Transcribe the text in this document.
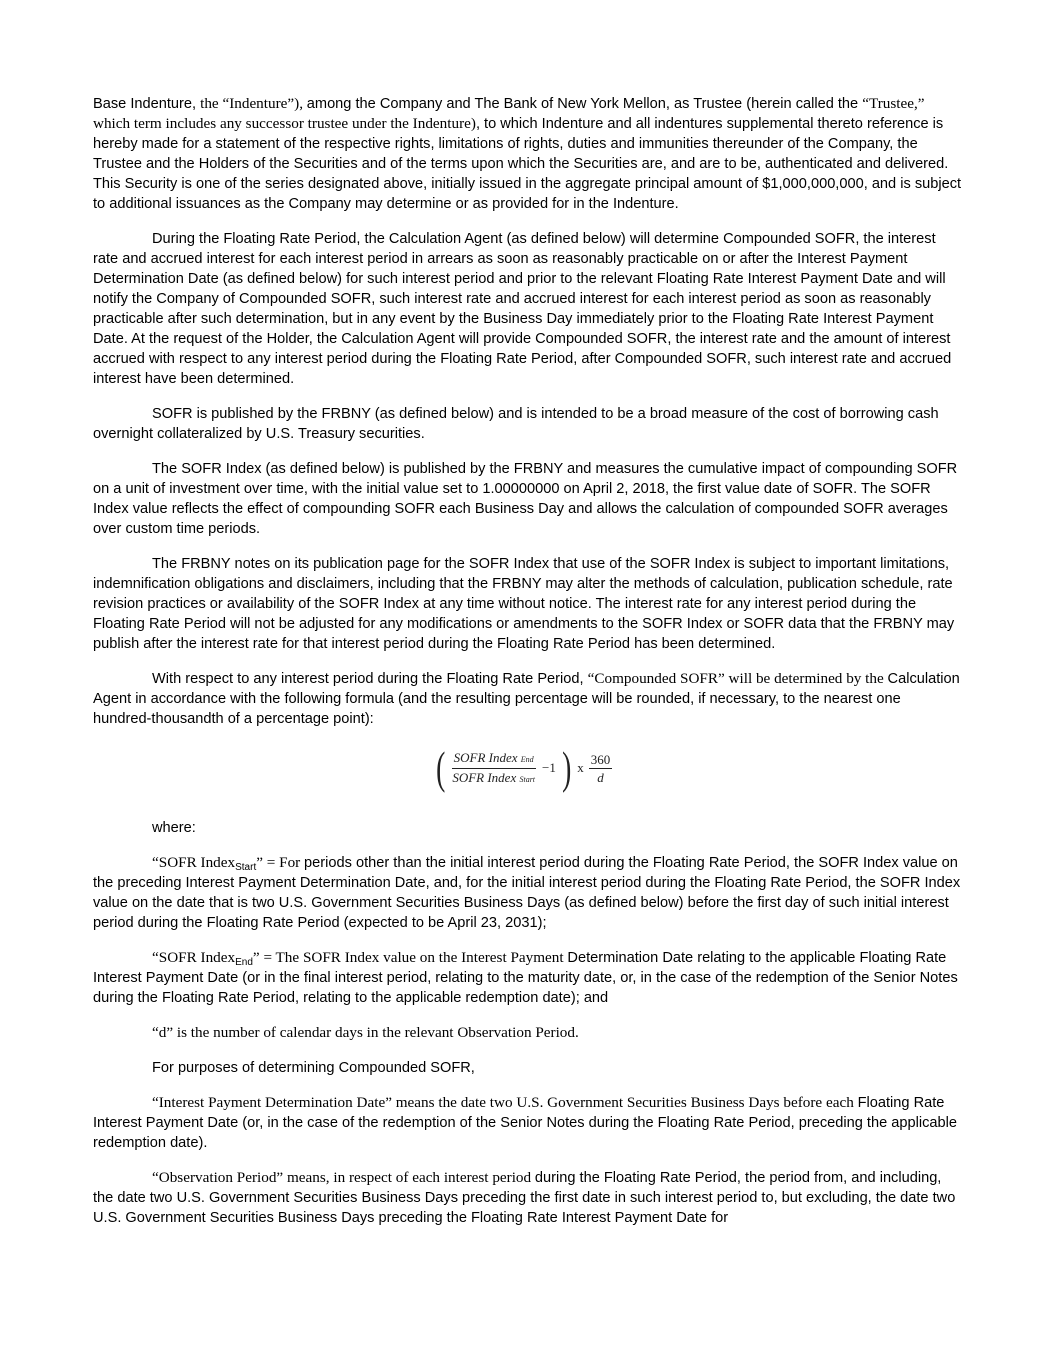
Base Indenture, the “Indenture”), among the Company and The Bank of New York Mellon, as Trustee (herein called the “Trustee,” which term includes any successor trustee under the Indenture), to which Indenture and all indentures supplemental thereto reference is hereby made for a statement of the respective rights, limitations of rights, duties and immunities thereunder of the Company, the Trustee and the Holders of the Securities and of the terms upon which the Securities are, and are to be, authenticated and delivered. This Security is one of the series designated above, initially issued in the aggregate principal amount of $1,000,000,000, and is subject to additional issuances as the Company may determine or as provided for in the Indenture.

During the Floating Rate Period, the Calculation Agent (as defined below) will determine Compounded SOFR, the interest rate and accrued interest for each interest period in arrears as soon as reasonably practicable on or after the Interest Payment Determination Date (as defined below) for such interest period and prior to the relevant Floating Rate Interest Payment Date and will notify the Company of Compounded SOFR, such interest rate and accrued interest for each interest period as soon as reasonably practicable after such determination, but in any event by the Business Day immediately prior to the Floating Rate Interest Payment Date. At the request of the Holder, the Calculation Agent will provide Compounded SOFR, the interest rate and the amount of interest accrued with respect to any interest period during the Floating Rate Period, after Compounded SOFR, such interest rate and accrued interest have been determined.

SOFR is published by the FRBNY (as defined below) and is intended to be a broad measure of the cost of borrowing cash overnight collateralized by U.S. Treasury securities.

The SOFR Index (as defined below) is published by the FRBNY and measures the cumulative impact of compounding SOFR on a unit of investment over time, with the initial value set to 1.00000000 on April 2, 2018, the first value date of SOFR. The SOFR Index value reflects the effect of compounding SOFR each Business Day and allows the calculation of compounded SOFR averages over custom time periods.

The FRBNY notes on its publication page for the SOFR Index that use of the SOFR Index is subject to important limitations, indemnification obligations and disclaimers, including that the FRBNY may alter the methods of calculation, publication schedule, rate revision practices or availability of the SOFR Index at any time without notice. The interest rate for any interest period during the Floating Rate Period will not be adjusted for any modifications or amendments to the SOFR Index or SOFR data that the FRBNY may publish after the interest rate for that interest period during the Floating Rate Period has been determined.

With respect to any interest period during the Floating Rate Period, “Compounded SOFR” will be determined by the Calculation Agent in accordance with the following formula (and the resulting percentage will be rounded, if necessary, to the nearest one hundred-thousandth of a percentage point):

( $\frac{\text{SOFR Index End}}{\text{SOFR Index Start}} -1$ ) x $\frac{360}{d}$

where:

“SOFR Index$_{Start}$” = For periods other than the initial interest period during the Floating Rate Period, the SOFR Index value on the preceding Interest Payment Determination Date, and, for the initial interest period during the Floating Rate Period, the SOFR Index value on the date that is two U.S. Government Securities Business Days (as defined below) before the first day of such initial interest period during the Floating Rate Period (expected to be April 23, 2031);

“SOFR Index$_{End}$” = The SOFR Index value on the Interest Payment Determination Date relating to the applicable Floating Rate Interest Payment Date (or in the final interest period, relating to the maturity date, or, in the case of the redemption of the Senior Notes during the Floating Rate Period, relating to the applicable redemption date); and

“d” is the number of calendar days in the relevant Observation Period.

For purposes of determining Compounded SOFR,

“Interest Payment Determination Date” means the date two U.S. Government Securities Business Days before each Floating Rate Interest Payment Date (or, in the case of the redemption of the Senior Notes during the Floating Rate Period, preceding the applicable redemption date).

“Observation Period” means, in respect of each interest period during the Floating Rate Period, the period from, and including, the date two U.S. Government Securities Business Days preceding the first date in such interest period to, but excluding, the date two U.S. Government Securities Business Days preceding the Floating Rate Interest Payment Date for
